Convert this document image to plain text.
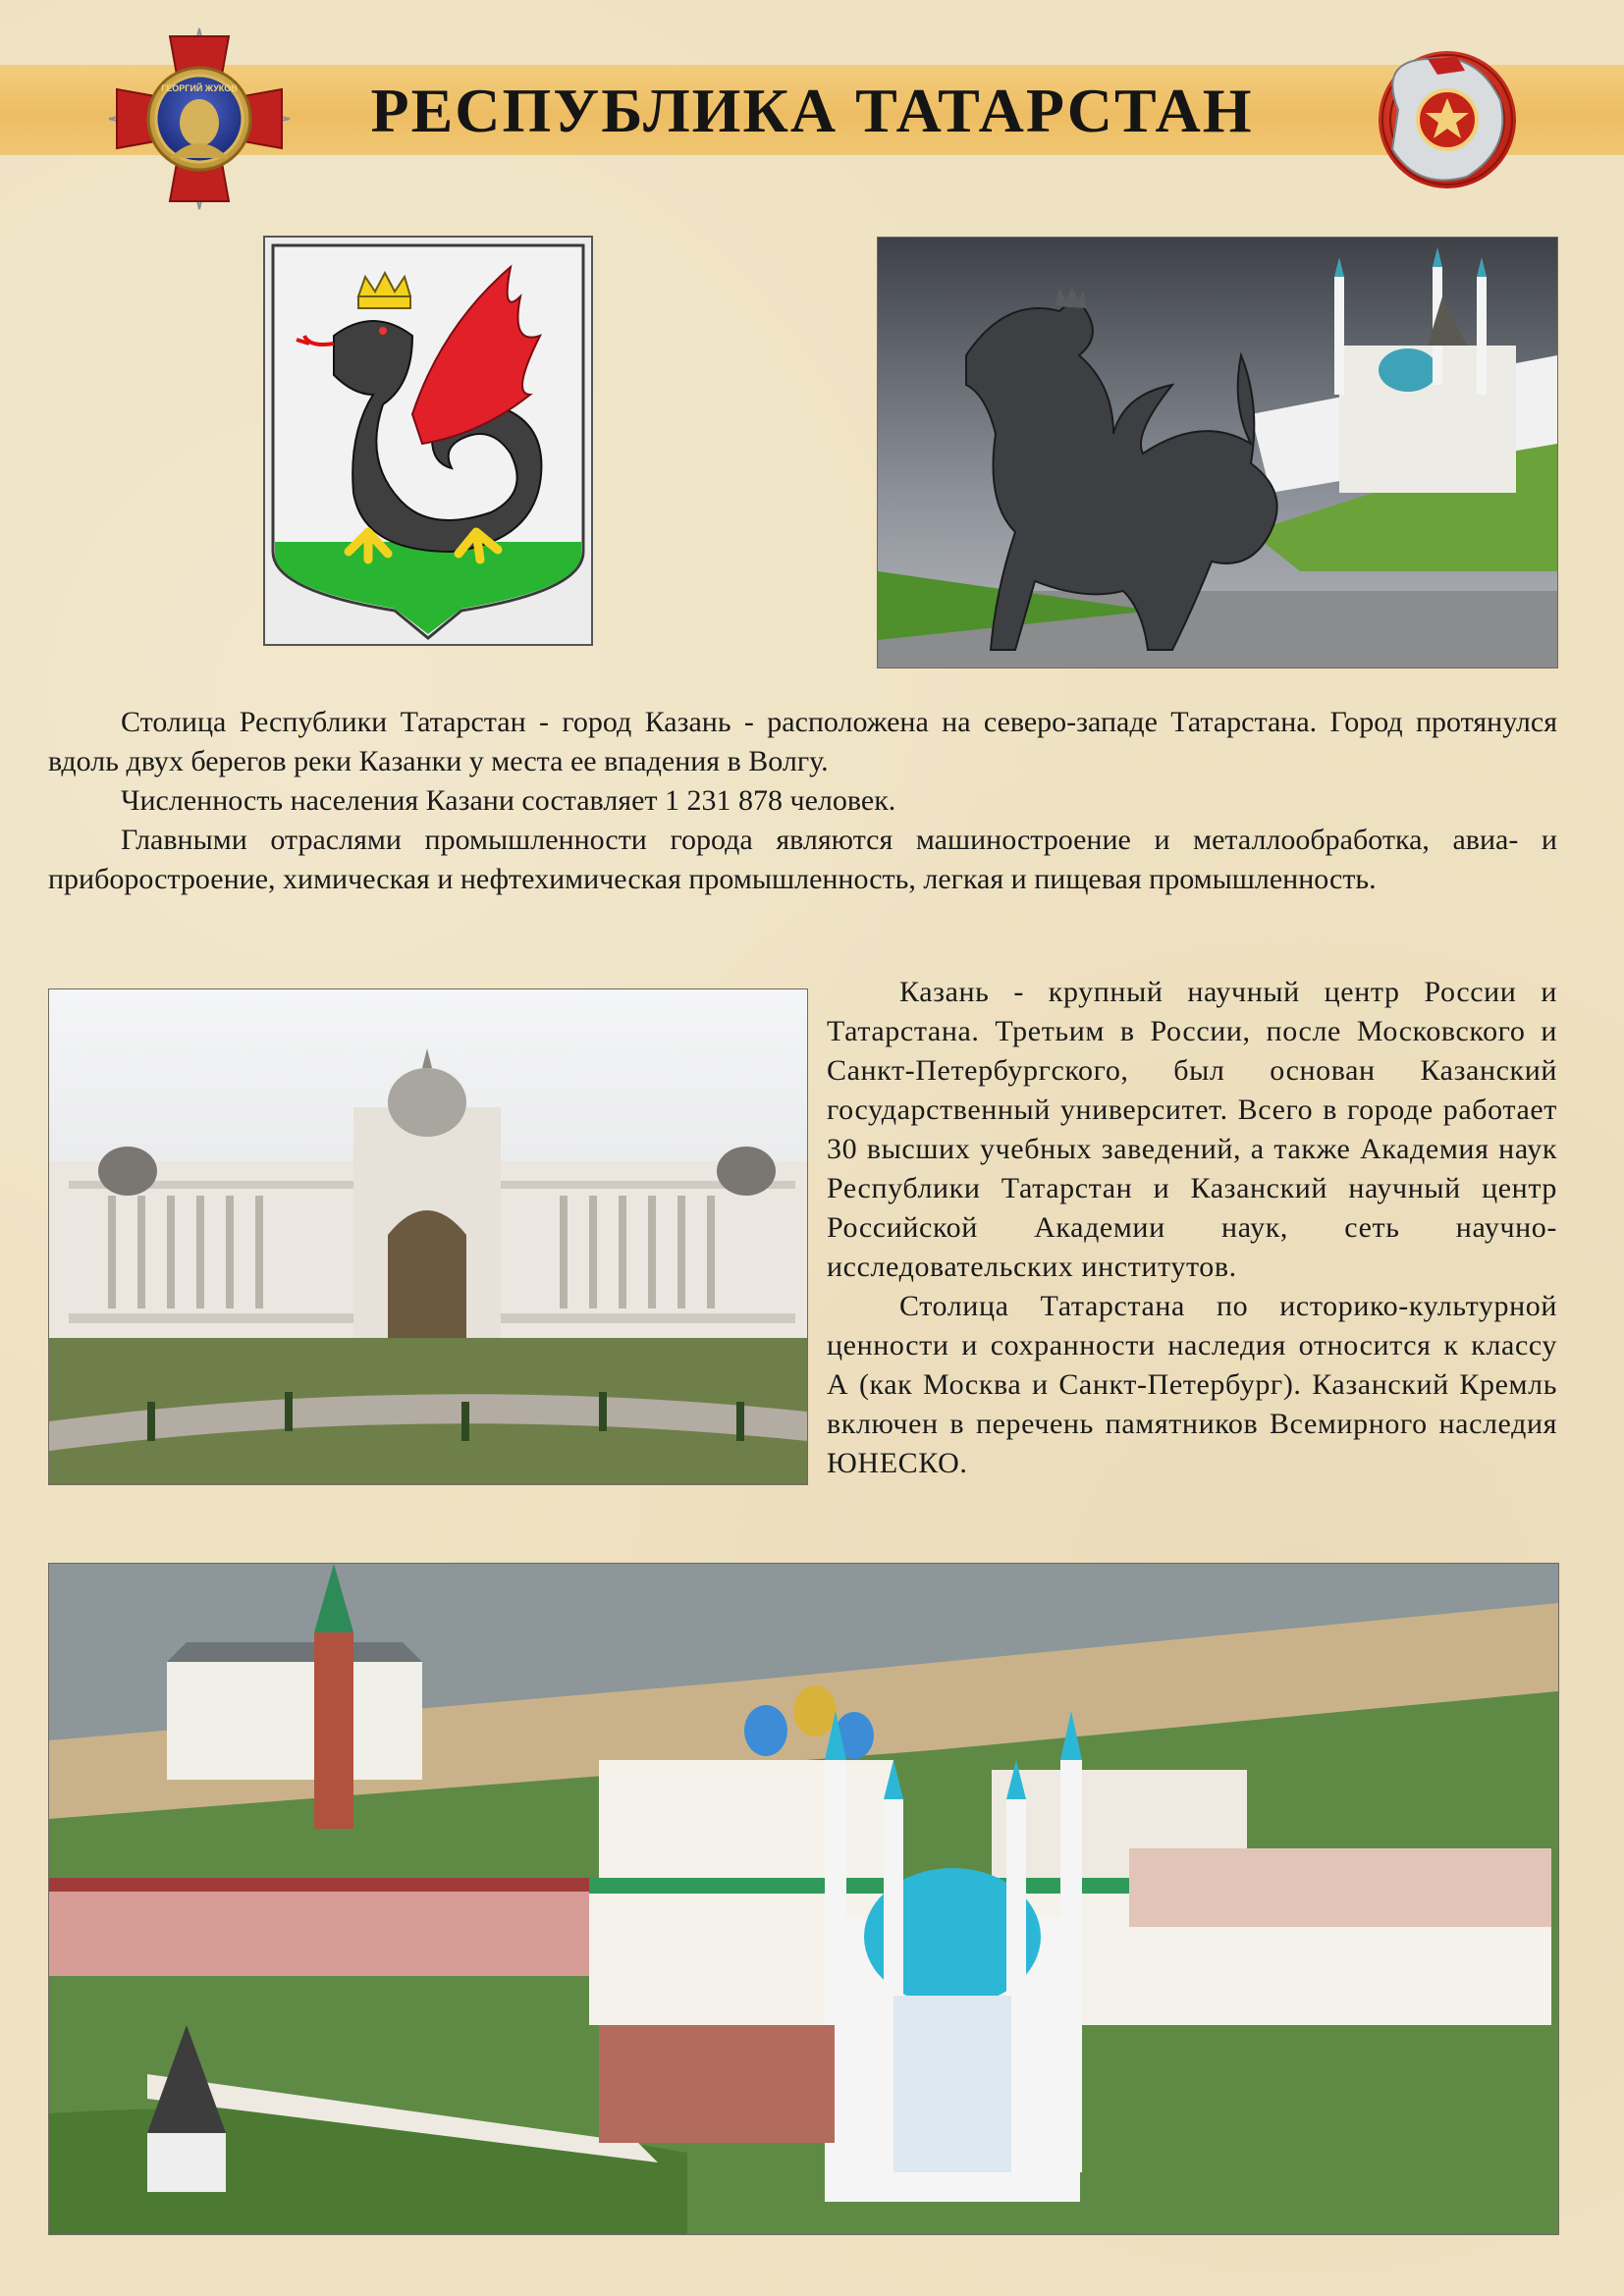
РЕСПУБЛИКА ТАТАРСТАН
ГЕОРГИЙ ЖУКОВ

Столица Республики Татарстан - город Казань - расположена на северо-западе Татарстана. Город протянулся вдоль двух берегов реки Казанки у места ее впадения в Волгу.

Численность населения Казани составляет 1 231 878 человек.

Главными отраслями промышленности города являются машиностроение и металлообработка, авиа- и приборостроение, химическая и нефтехимическая промышленность, легкая и пищевая промышленность.

Казань - крупный научный центр России и Татарстана. Третьим в России, после Московского и Санкт-Петербургского, был основан Казанский государственный университет. Всего в городе работает 30 высших учебных заведений, а также Академия наук Республики Татарстан и Казанский научный центр Российской Академии наук, сеть научно-исследовательских институтов.

Столица Татарстана по историко-культурной ценности и сохранности наследия относится к классу А (как Москва и Санкт-Петербург). Казанский Кремль включен в перечень памятников Всемирного наследия ЮНЕСКО.
